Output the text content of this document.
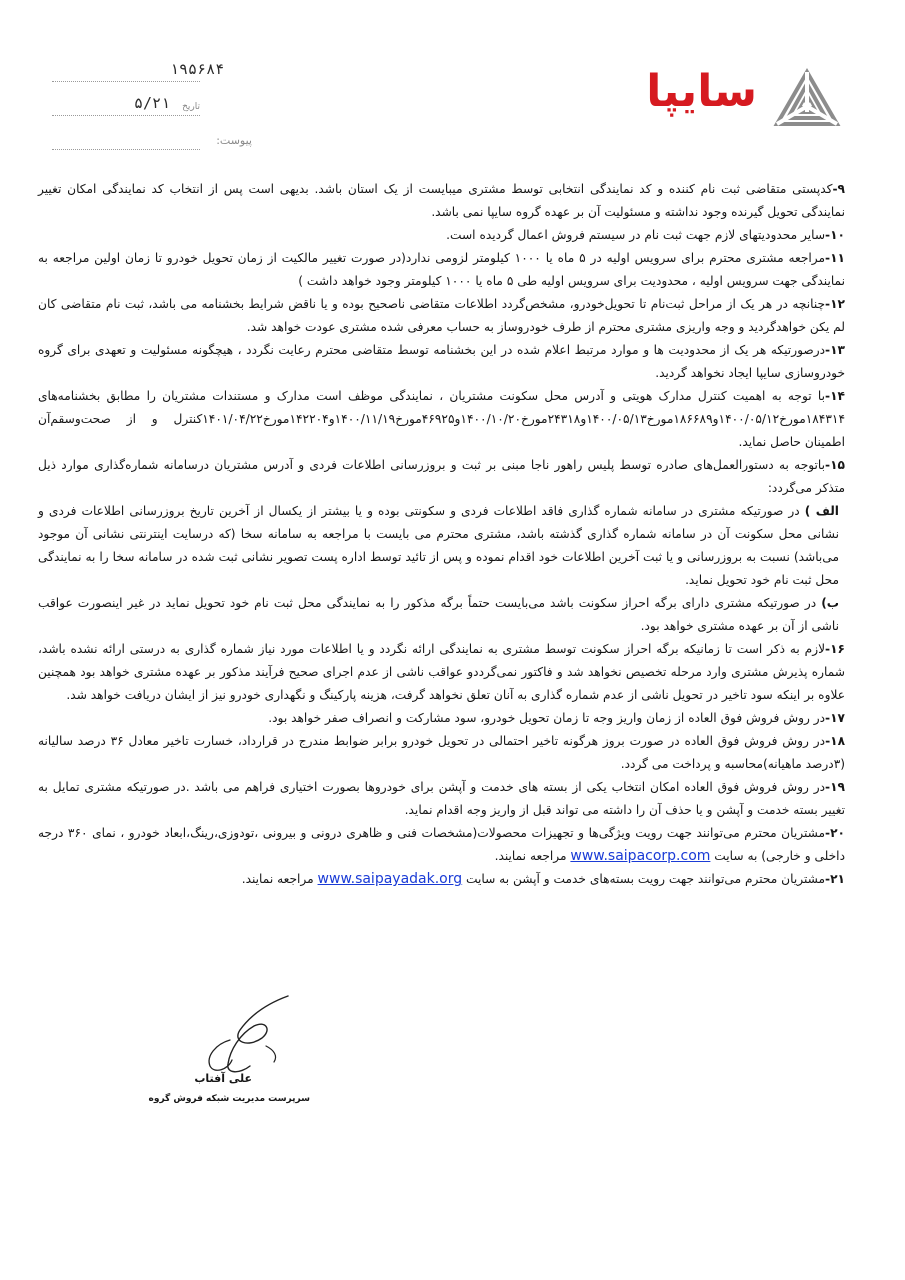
سایپا
۱۹۵۶۸۴
تاریخ
۵/۲۱
پیوست:

۹-کدپستی متقاضی ثبت نام کننده و کد نمایندگی انتخابی توسط مشتری میبایست از یک استان باشد. بدیهی است پس از انتخاب کد نمایندگی امکان تغییر نمایندگی تحویل گیرنده وجود نداشته و مسئولیت آن بر عهده گروه سایپا نمی باشد.

۱۰-سایر محدودیتهای لازم جهت ثبت نام در سیستم فروش اعمال گردیده است.

۱۱-مراجعه مشتری محترم برای سرویس اولیه در ۵ ماه یا ۱۰۰۰ کیلومتر لزومی ندارد(در صورت تغییر مالکیت از زمان تحویل خودرو تا زمان اولین مراجعه به نمایندگی جهت سرویس اولیه ، محدودیت برای سرویس اولیه طی ۵ ماه یا ۱۰۰۰ کیلومتر وجود خواهد داشت )

۱۲-چنانچه در هر یک از مراحل ثبت‌نام تا تحویل‌خودرو، مشخص‌گردد اطلاعات متقاضی ناصحیح بوده و یا ناقض شرایط بخشنامه می باشد، ثبت نام متقاضی کان لم یکن خواهدگردید و وجه واریزی مشتری محترم از طرف خودروساز به حساب معرفی شده مشتری عودت خواهد شد.

۱۳-درصورتیکه هر یک از محدودیت ها و موارد مرتبط اعلام شده در این بخشنامه توسط متقاضی محترم رعایت نگردد ، هیچگونه مسئولیت و تعهدی برای گروه خودروسازی سایپا ایجاد نخواهد گردید.

۱۴-با توجه به اهمیت کنترل مدارک هویتی و آدرس محل سکونت مشتریان ، نمایندگی موظف است مدارک و مستندات مشتریان را مطابق بخشنامه‌های ۱۸۴۳۱۴مورخ۱۴۰۰/۰۵/۱۲و۱۸۶۶۸۹مورخ۱۴۰۰/۰۵/۱۳و۲۴۳۱۸مورخ۱۴۰۰/۱۰/۲۰و۴۶۹۲۵مورخ۱۴۰۰/۱۱/۱۹و۱۴۲۲۰۴مورخ۱۴۰۱/۰۴/۲۲کنترل و از صحت‌وسقم‌آن اطمینان حاصل نماید.

۱۵-باتوجه به دستورالعمل‌های صادره توسط پلیس راهور ناجا مبنی بر ثبت و بروزرسانی اطلاعات فردی و آدرس مشتریان درسامانه شماره‌گذاری موارد ذیل متذکر می‌گردد:

الف ) در صورتیکه مشتری در سامانه شماره گذاری فاقد اطلاعات فردی و سکونتی بوده و یا بیشتر از یکسال از آخرین تاریخ بروزرسانی اطلاعات فردی و نشانی محل سکونت آن در سامانه شماره گذاری گذشته باشد، مشتری محترم می بایست با مراجعه به سامانه سخا (که درسایت اینترنتی نشانی آن موجود می‌باشد) نسبت به بروزرسانی و یا ثبت آخرین اطلاعات خود اقدام نموده و پس از تائید توسط اداره پست تصویر نشانی ثبت شده در سامانه سخا را به نمایندگی محل ثبت نام خود تحویل نماید.

ب) در صورتیکه مشتری دارای برگه احراز سکونت باشد می‌بایست حتماً برگه مذکور را به نمایندگی محل ثبت نام خود تحویل نماید در غیر اینصورت عواقب ناشی از آن بر عهده مشتری خواهد بود.

۱۶-لازم به ذکر است تا زمانیکه برگه احراز سکونت توسط مشتری به نمایندگی ارائه نگردد و یا اطلاعات مورد نیاز شماره گذاری به درستی ارائه نشده باشد، شماره پذیرش مشتری وارد مرحله تخصیص نخواهد شد و فاکتور نمی‌گرددو عواقب ناشی از عدم اجرای صحیح فرآیند مذکور بر عهده مشتری خواهد بود همچنین علاوه بر اینکه سود تاخیر در تحویل ناشی از عدم شماره گذاری به آنان تعلق نخواهد گرفت، هزینه پارکینگ و نگهداری خودرو نیز از ایشان دریافت خواهد شد.

۱۷-در روش فروش فوق العاده از زمان واریز وجه تا زمان تحویل خودرو، سود مشارکت و انصراف صفر خواهد بود.

۱۸-در روش فروش فوق العاده در صورت بروز هرگونه تاخیر احتمالی در تحویل خودرو برابر ضوابط مندرج در قرارداد، خسارت تاخیر معادل ۳۶ درصد سالیانه (۳درصد ماهیانه)محاسبه و پرداخت می گردد.

۱۹-در روش فروش فوق العاده امکان انتخاب یکی از بسته های خدمت و آپشن برای خودروها بصورت اختیاری فراهم می باشد .در صورتیکه مشتری تمایل به تغییر بسته خدمت و آپشن و یا حذف آن را داشته می تواند قبل از واریز وجه اقدام نماید.

۲۰-مشتریان محترم می‌توانند جهت رویت ویژگی‌ها و تجهیزات محصولات(مشخصات فنی و ظاهری درونی و بیرونی ،تودوزی،رینگ،ابعاد خودرو ، نمای ۳۶۰ درجه داخلی و خارجی) به سایت www.saipacorp.com مراجعه نمایند.

۲۱-مشتریان محترم می‌توانند جهت رویت بسته‌های خدمت و آپشن به سایت www.saipayadak.org مراجعه نمایند.

علی آفتاب
سرپرست مدیریت شبکه فروش گروه
